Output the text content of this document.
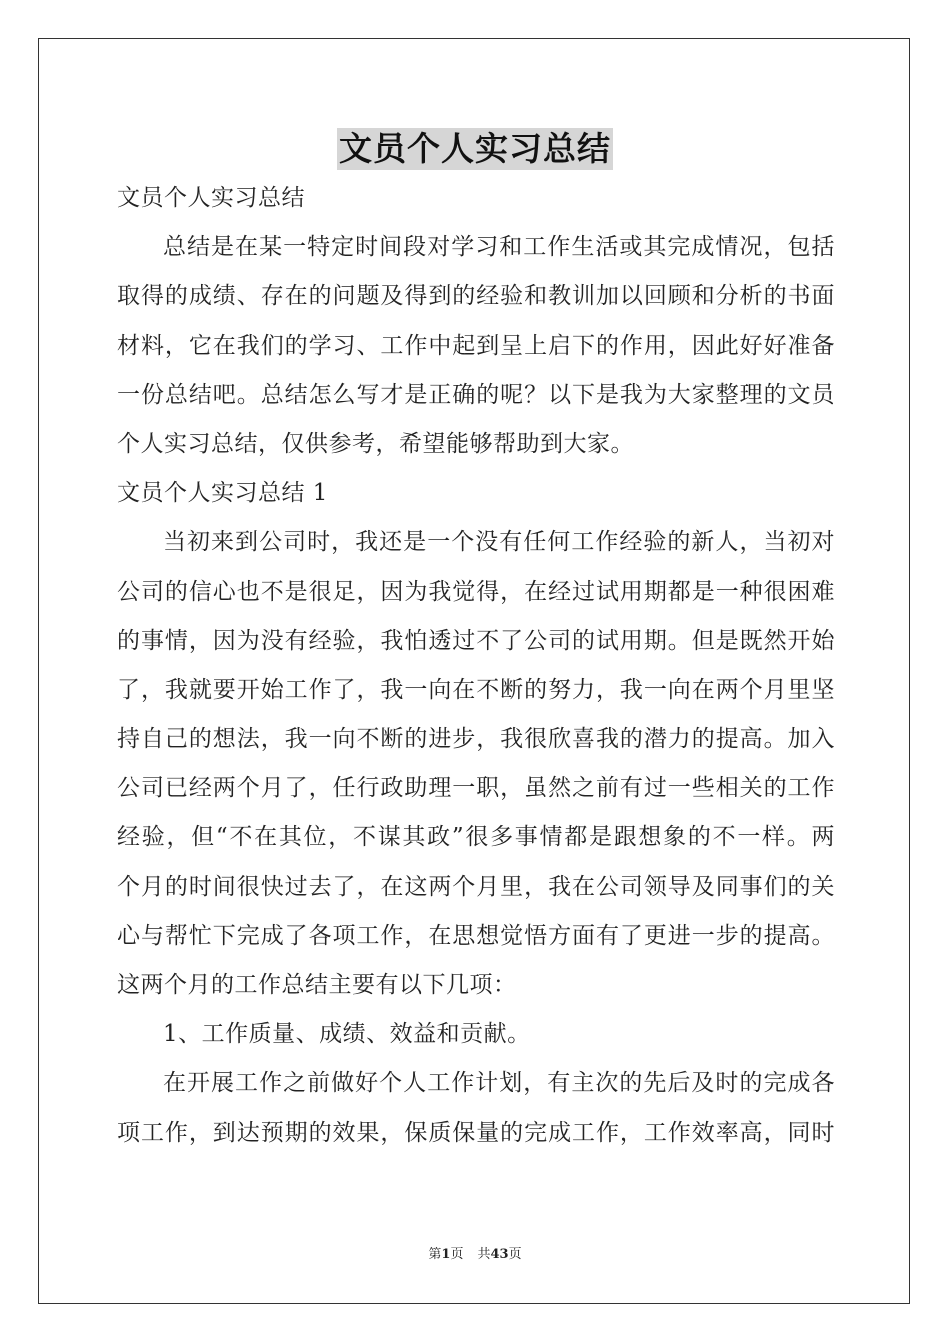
文员个人实习总结
文员个人实习总结
总结是在某一特定时间段对学习和工作生活或其完成情况，包括
取得的成绩、存在的问题及得到的经验和教训加以回顾和分析的书面
材料，它在我们的学习、工作中起到呈上启下的作用，因此好好准备
一份总结吧。总结怎么写才是正确的呢？以下是我为大家整理的文员
个人实习总结，仅供参考，希望能够帮助到大家。
文员个人实习总结 1
当初来到公司时，我还是一个没有任何工作经验的新人，当初对
公司的信心也不是很足，因为我觉得，在经过试用期都是一种很困难
的事情，因为没有经验，我怕透过不了公司的试用期。但是既然开始
了，我就要开始工作了，我一向在不断的努力，我一向在两个月里坚
持自己的想法，我一向不断的进步，我很欣喜我的潜力的提高。加入
公司已经两个月了，任行政助理一职，虽然之前有过一些相关的工作
经验，但“不在其位，不谋其政”很多事情都是跟想象的不一样。两
个月的时间很快过去了，在这两个月里，我在公司领导及同事们的关
心与帮忙下完成了各项工作，在思想觉悟方面有了更进一步的提高。
这两个月的工作总结主要有以下几项：
1、工作质量、成绩、效益和贡献。
在开展工作之前做好个人工作计划，有主次的先后及时的完成各
项工作，到达预期的效果，保质保量的完成工作，工作效率高，同时
第1页 共43页
